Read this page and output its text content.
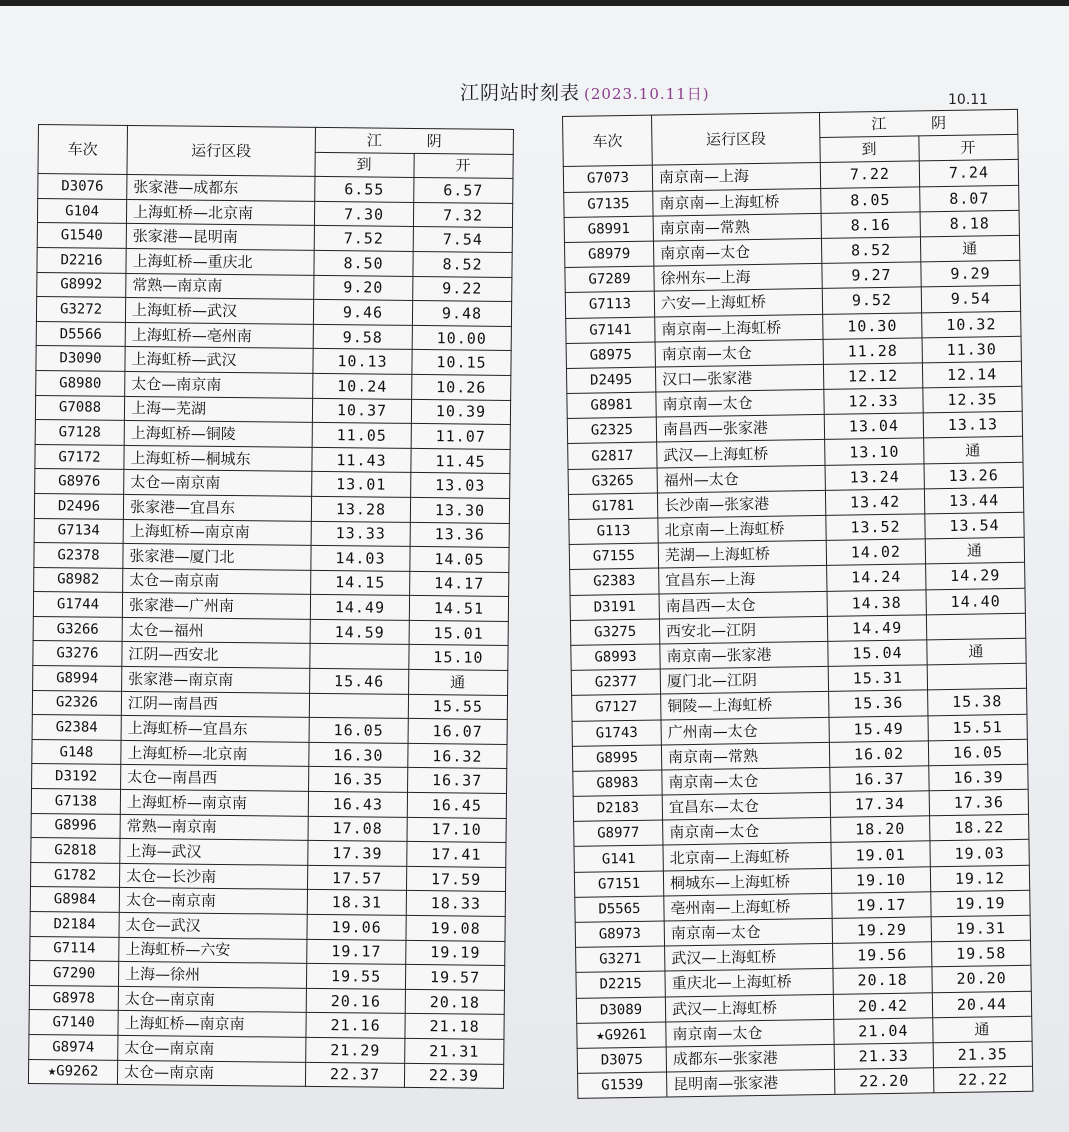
江阴站时刻表 (2023.10.11日)	10.11
车次	运行区段	江 阴	
		到	开
D3076	张家港—成都东	6.55	6.57
G104	上海虹桥—北京南	7.30	7.32
G1540	张家港—昆明南	7.52	7.54
D2216	上海虹桥—重庆北	8.50	8.52
G8992	常熟—南京南	9.20	9.22
G3272	上海虹桥—武汉	9.46	9.48
D5566	上海虹桥—亳州南	9.58	10.00
D3090	上海虹桥—武汉	10.13	10.15
G8980	太仓—南京南	10.24	10.26
G7088	上海—芜湖	10.37	10.39
G7128	上海虹桥—铜陵	11.05	11.07
G7172	上海虹桥—桐城东	11.43	11.45
G8976	太仓—南京南	13.01	13.03
D2496	张家港—宜昌东	13.28	13.30
G7134	上海虹桥—南京南	13.33	13.36
G2378	张家港—厦门北	14.03	14.05
G8982	太仓—南京南	14.15	14.17
G1744	张家港—广州南	14.49	14.51
G3266	太仓—福州	14.59	15.01
G3276	江阴—西安北		15.10
G8994	张家港—南京南	15.46	通
G2326	江阴—南昌西		15.55
G2384	上海虹桥—宜昌东	16.05	16.07
G148	上海虹桥—北京南	16.30	16.32
D3192	太仓—南昌西	16.35	16.37
G7138	上海虹桥—南京南	16.43	16.45
G8996	常熟—南京南	17.08	17.10
G2818	上海—武汉	17.39	17.41
G1782	太仓—长沙南	17.57	17.59
G8984	太仓—南京南	18.31	18.33
D2184	太仓—武汉	19.06	19.08
G7114	上海虹桥—六安	19.17	19.19
G7290	上海—徐州	19.55	19.57
G8978	太仓—南京南	20.16	20.18
G7140	上海虹桥—南京南	21.16	21.18
G8974	太仓—南京南	21.29	21.31
★G9262	太仓—南京南	22.37	22.39
车次	运行区段	江 阴	
		到	开
G7073	南京南—上海	7.22	7.24
G7135	南京南—上海虹桥	8.05	8.07
G8991	南京南—常熟	8.16	8.18
G8979	南京南—太仓	8.52	通
G7289	徐州东—上海	9.27	9.29
G7113	六安—上海虹桥	9.52	9.54
G7141	南京南—上海虹桥	10.30	10.32
G8975	南京南—太仓	11.28	11.30
D2495	汉口—张家港	12.12	12.14
G8981	南京南—太仓	12.33	12.35
G2325	南昌西—张家港	13.04	13.13
G2817	武汉—上海虹桥	13.10	通
G3265	福州—太仓	13.24	13.26
G1781	长沙南—张家港	13.42	13.44
G113	北京南—上海虹桥	13.52	13.54
G7155	芜湖—上海虹桥	14.02	通
G2383	宜昌东—上海	14.24	14.29
D3191	南昌西—太仓	14.38	14.40
G3275	西安北—江阴	14.49	
G8993	南京南—张家港	15.04	通
G2377	厦门北—江阴	15.31	
G7127	铜陵—上海虹桥	15.36	15.38
G1743	广州南—太仓	15.49	15.51
G8995	南京南—常熟	16.02	16.05
G8983	南京南—太仓	16.37	16.39
D2183	宜昌东—太仓	17.34	17.36
G8977	南京南—太仓	18.20	18.22
G141	北京南—上海虹桥	19.01	19.03
G7151	桐城东—上海虹桥	19.10	19.12
D5565	亳州南—上海虹桥	19.17	19.19
G8973	南京南—太仓	19.29	19.31
G3271	武汉—上海虹桥	19.56	19.58
D2215	重庆北—上海虹桥	20.18	20.20
D3089	武汉—上海虹桥	20.42	20.44
★G9261	南京南—太仓	21.04	通
D3075	成都东—张家港	21.33	21.35
G1539	昆明南—张家港	22.20	22.22
